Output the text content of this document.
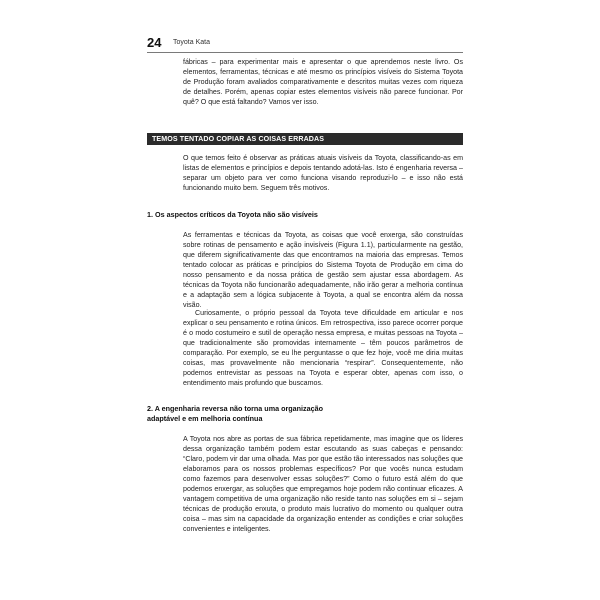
24 Toyota Kata

fábricas – para experimentar mais e apresentar o que aprendemos neste livro. Os elementos, ferramentas, técnicas e até mesmo os princípios visíveis do Sistema Toyota de Produção foram avaliados comparativamente e descritos muitas vezes com riqueza de detalhes. Porém, apenas copiar estes elementos visíveis não parece funcionar. Por quê? O que está faltando? Vamos ver isso.

TEMOS TENTADO COPIAR AS COISAS ERRADAS

O que temos feito é observar as práticas atuais visíveis da Toyota, classificando-as em listas de elementos e princípios e depois tentando adotá-las. Isto é engenharia reversa – separar um objeto para ver como funciona visando reproduzi-lo – e isso não está funcionando muito bem. Seguem três motivos.

1. Os aspectos críticos da Toyota não são visíveis

As ferramentas e técnicas da Toyota, as coisas que você enxerga, são construídas sobre rotinas de pensamento e ação invisíveis (Figura 1.1), particularmente na gestão, que diferem significativamente das que encontramos na maioria das empresas. Temos tentado colocar as práticas e princípios do Sistema Toyota de Produção em cima do nosso pensamento e da nossa prática de gestão sem ajustar essa abordagem. As técnicas da Toyota não funcionarão adequadamente, não irão gerar a melhoria contínua e a adaptação sem a lógica subjacente à Toyota, a qual se encontra além da nossa visão.

Curiosamente, o próprio pessoal da Toyota teve dificuldade em articular e nos explicar o seu pensamento e rotina únicos. Em retrospectiva, isso parece ocorrer porque é o modo costumeiro e sutil de operação nessa empresa, e muitas pessoas na Toyota – que tradicionalmente são promovidas internamente – têm poucos parâmetros de comparação. Por exemplo, se eu lhe perguntasse o que fez hoje, você me diria muitas coisas, mas provavelmente não mencionaria “respirar”. Consequentemente, não podemos entrevistar as pessoas na Toyota e esperar obter, apenas com isso, o entendimento mais profundo que buscamos.

2. A engenharia reversa não torna uma organização
adaptável e em melhoria contínua

A Toyota nos abre as portas de sua fábrica repetidamente, mas imagine que os líderes dessa organização também podem estar escutando as suas cabeças e pensando: “Claro, podem vir dar uma olhada. Mas por que estão tão interessados nas soluções que elaboramos para os nossos problemas específicos? Por que vocês nunca estudam como fazemos para desenvolver essas soluções?” Como o futuro está além do que podemos enxergar, as soluções que empregamos hoje podem não continuar eficazes. A vantagem competitiva de uma organização não reside tanto nas soluções em si – sejam técnicas de produção enxuta, o produto mais lucrativo do momento ou qualquer outra coisa – mas sim na capacidade da organização entender as condições e criar soluções convenientes e inteligentes.
